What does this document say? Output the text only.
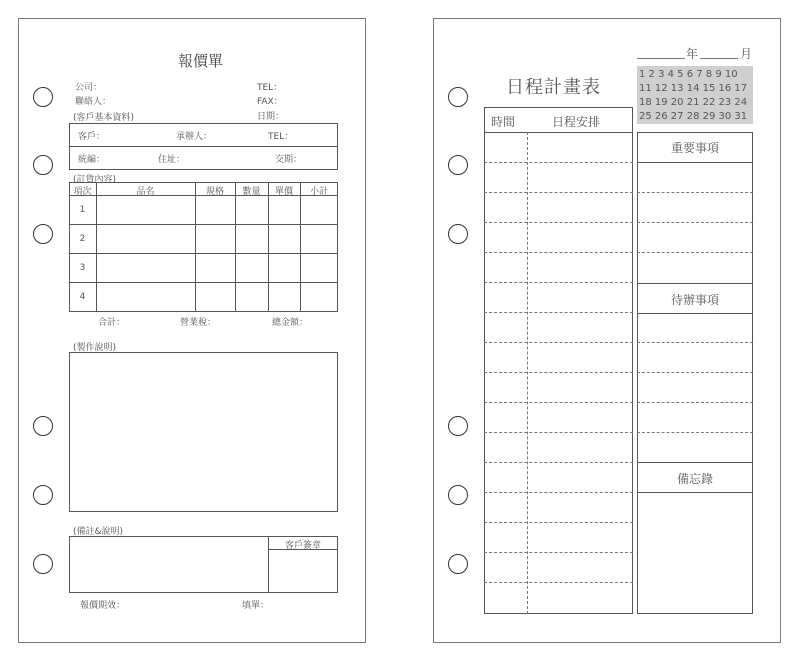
報價單
公司：	TEL：
聯絡人：	FAX：
(客戶基本資料)	日期：
客戶：	承辦人：	TEL：
統編：	住址：	交期：
(訂貨內容)
項次	品名	規格	數量	單價	小計
1
2
3
4
合計：	營業稅：	總金額：
(製作說明)
(備註&說明)
客戶簽章
報價期效：	填單：
年	月
日程計畫表
1 2 3 4 5 6 7 8 9 10
11 12 13 14 15 16 17
18 19 20 21 22 23 24
25 26 27 28 29 30 31
時間	日程安排
重要事項
待辦事項
備忘錄
